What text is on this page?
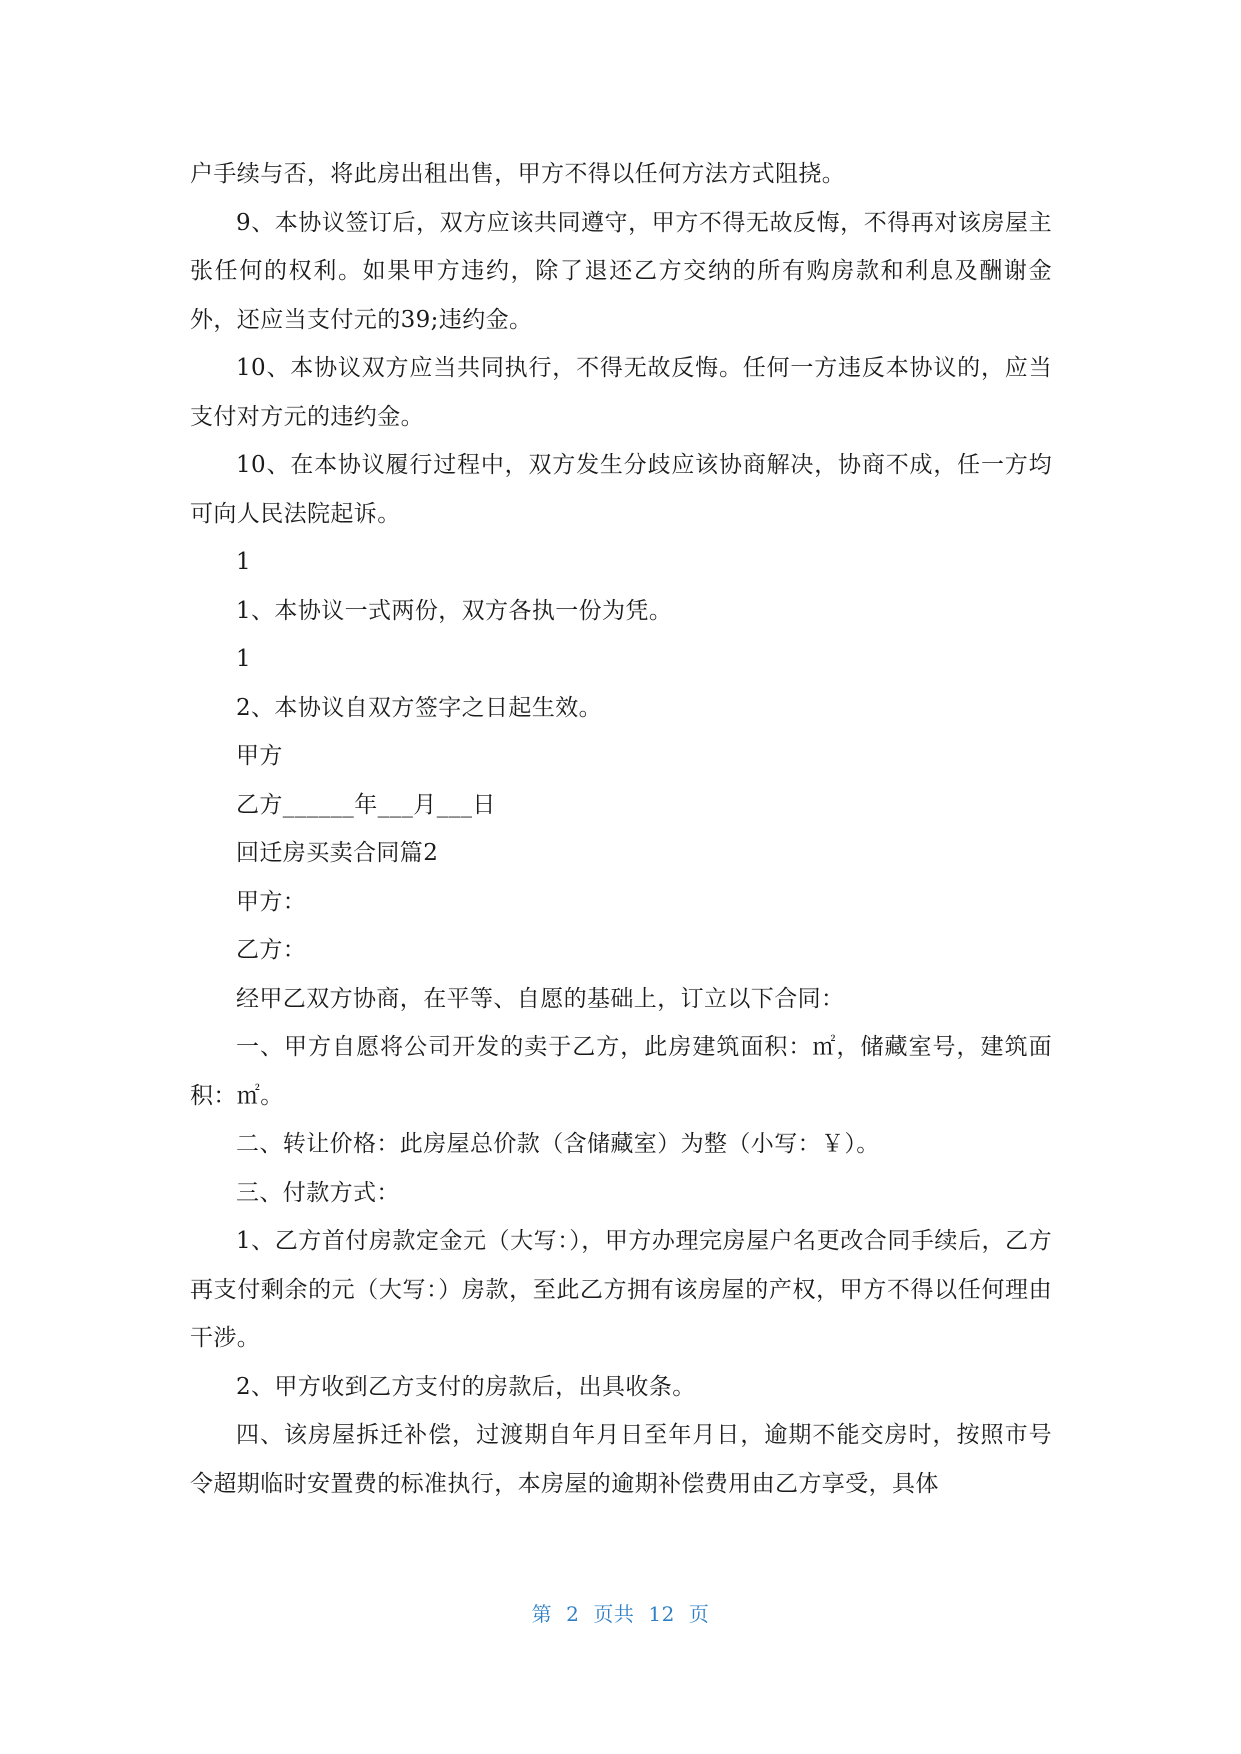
户手续与否，将此房出租出售，甲方不得以任何方法方式阻挠。

9、本协议签订后，双方应该共同遵守，甲方不得无故反悔，不得再对该房屋主张任何的权利。如果甲方违约，除了退还乙方交纳的所有购房款和利息及酬谢金外，还应当支付元的39;违约金。

10、本协议双方应当共同执行，不得无故反悔。任何一方违反本协议的，应当支付对方元的违约金。

10、在本协议履行过程中，双方发生分歧应该协商解决，协商不成，任一方均可向人民法院起诉。

1

1、本协议一式两份，双方各执一份为凭。

1

2、本协议自双方签字之日起生效。

甲方

乙方______年___月___日

回迁房买卖合同篇2

甲方：

乙方：

经甲乙双方协商，在平等、自愿的基础上，订立以下合同：

一、甲方自愿将公司开发的卖于乙方，此房建筑面积：㎡，储藏室号，建筑面积：㎡。

二、转让价格：此房屋总价款（含储藏室）为整（小写：￥）。

三、付款方式：

1、乙方首付房款定金元（大写：），甲方办理完房屋户名更改合同手续后，乙方再支付剩余的元（大写：）房款，至此乙方拥有该房屋的产权，甲方不得以任何理由干涉。

2、甲方收到乙方支付的房款后，出具收条。

四、该房屋拆迁补偿，过渡期自年月日至年月日，逾期不能交房时，按照市号令超期临时安置费的标准执行，本房屋的逾期补偿费用由乙方享受，具体

第 2 页共 12 页
